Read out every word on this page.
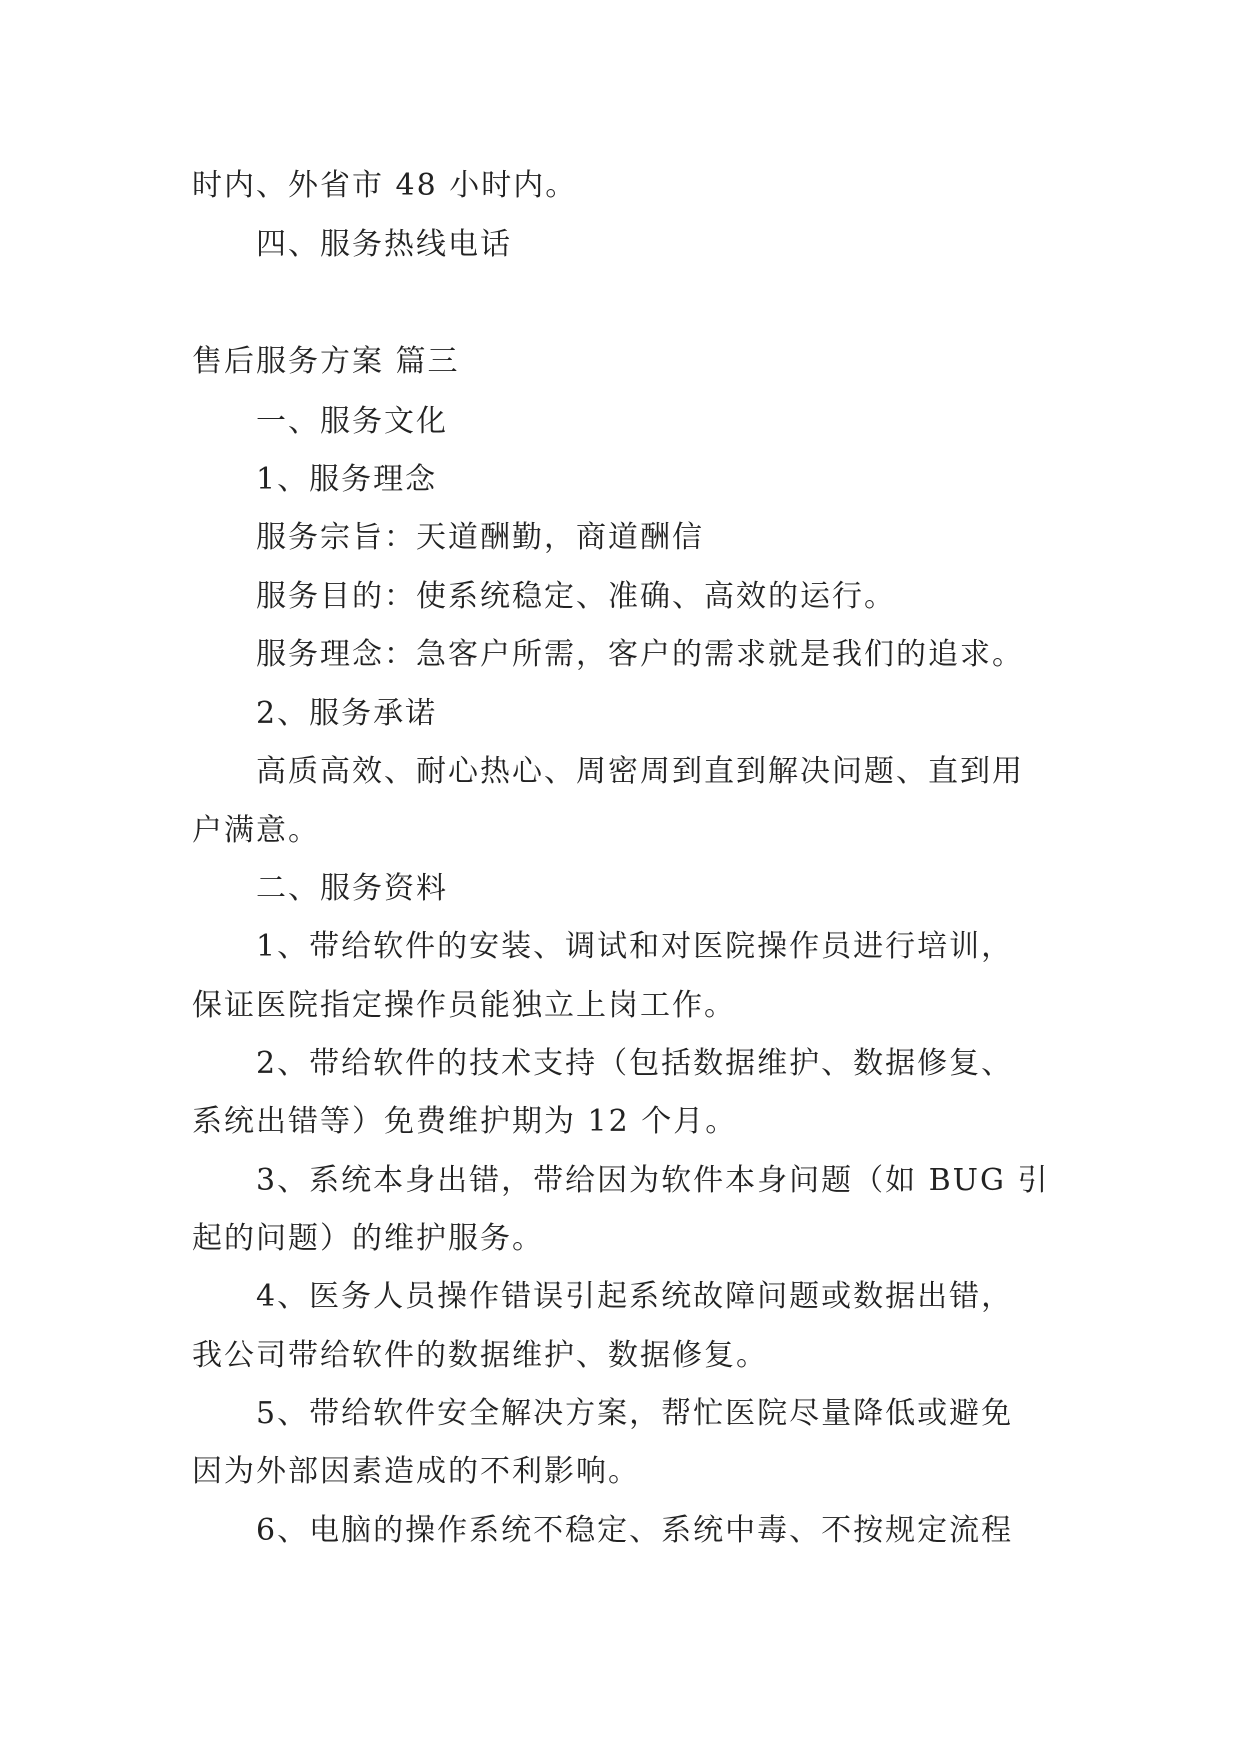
时内、外省市 48 小时内。
四、服务热线电话
售后服务方案 篇三
一、服务文化
1、服务理念
服务宗旨：天道酬勤，商道酬信
服务目的：使系统稳定、准确、高效的运行。
服务理念：急客户所需，客户的需求就是我们的追求。
2、服务承诺
高质高效、耐心热心、周密周到直到解决问题、直到用
户满意。
二、服务资料
1、带给软件的安装、调试和对医院操作员进行培训，
保证医院指定操作员能独立上岗工作。
2、带给软件的技术支持（包括数据维护、数据修复、
系统出错等）免费维护期为 12 个月。
3、系统本身出错，带给因为软件本身问题（如 BUG 引
起的问题）的维护服务。
4、医务人员操作错误引起系统故障问题或数据出错，
我公司带给软件的数据维护、数据修复。
5、带给软件安全解决方案，帮忙医院尽量降低或避免
因为外部因素造成的不利影响。
6、电脑的操作系统不稳定、系统中毒、不按规定流程
